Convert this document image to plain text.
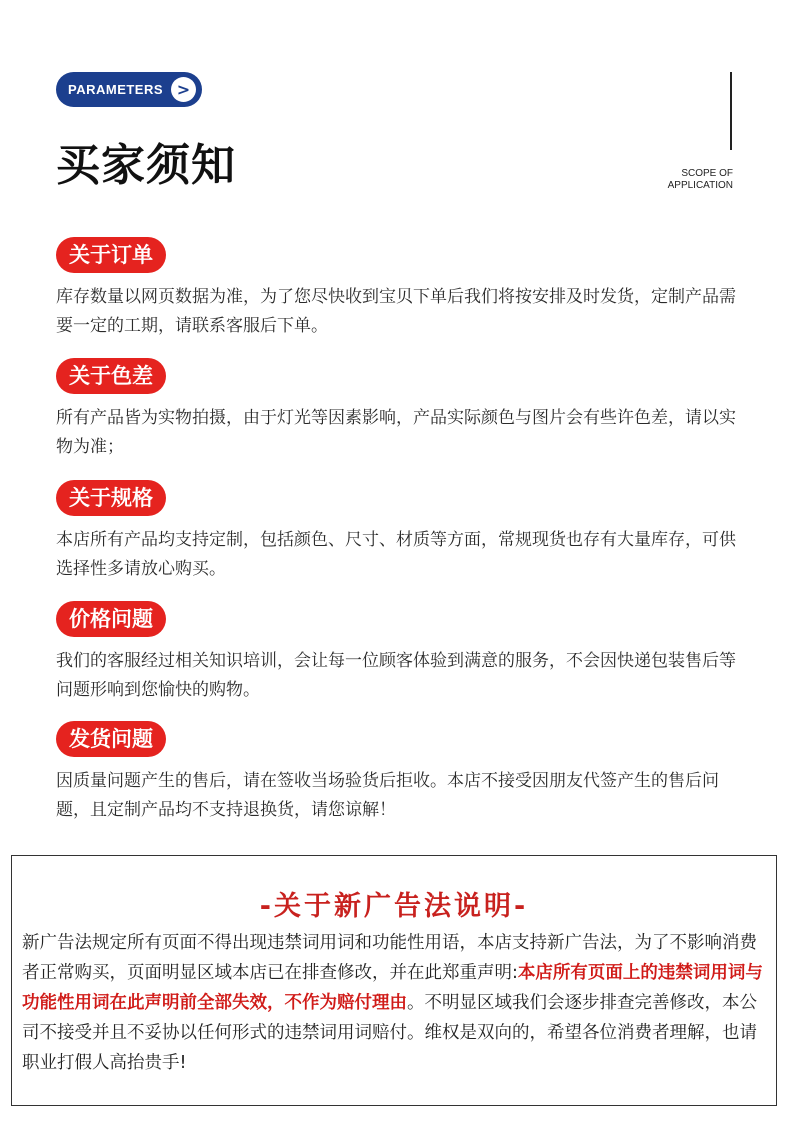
PARAMETERS >
买家须知	SCOPE OF
APPLICATION
关于订单
库存数量以网页数据为准，为了您尽快收到宝贝下单后我们将按安排及时发货，定制产品需要一定的工期，请联系客服后下单。
关于色差
所有产品皆为实物拍摄，由于灯光等因素影响，产品实际颜色与图片会有些许色差，请以实物为准；
关于规格
本店所有产品均支持定制，包括颜色、尺寸、材质等方面，常规现货也存有大量库存，可供选择性多请放心购买。
价格问题
我们的客服经过相关知识培训，会让每一位顾客体验到满意的服务，不会因快递包装售后等问题形响到您愉快的购物。
发货问题
因质量问题产生的售后，请在签收当场验货后拒收。本店不接受因朋友代签产生的售后问题，且定制产品均不支持退换货，请您谅解！
-关于新广告法说明-
新广告法规定所有页面不得出现违禁词用词和功能性用语，本店支持新广告法，为了不影响消费者正常购买，页面明显区域本店已在排查修改，并在此郑重声明:本店所有页面上的违禁词用词与功能性用词在此声明前全部失效，不作为赔付理由。不明显区域我们会逐步排查完善修改，本公司不接受并且不妥协以任何形式的违禁词用词赔付。维权是双向的，希望各位消费者理解，也请职业打假人高抬贵手!
